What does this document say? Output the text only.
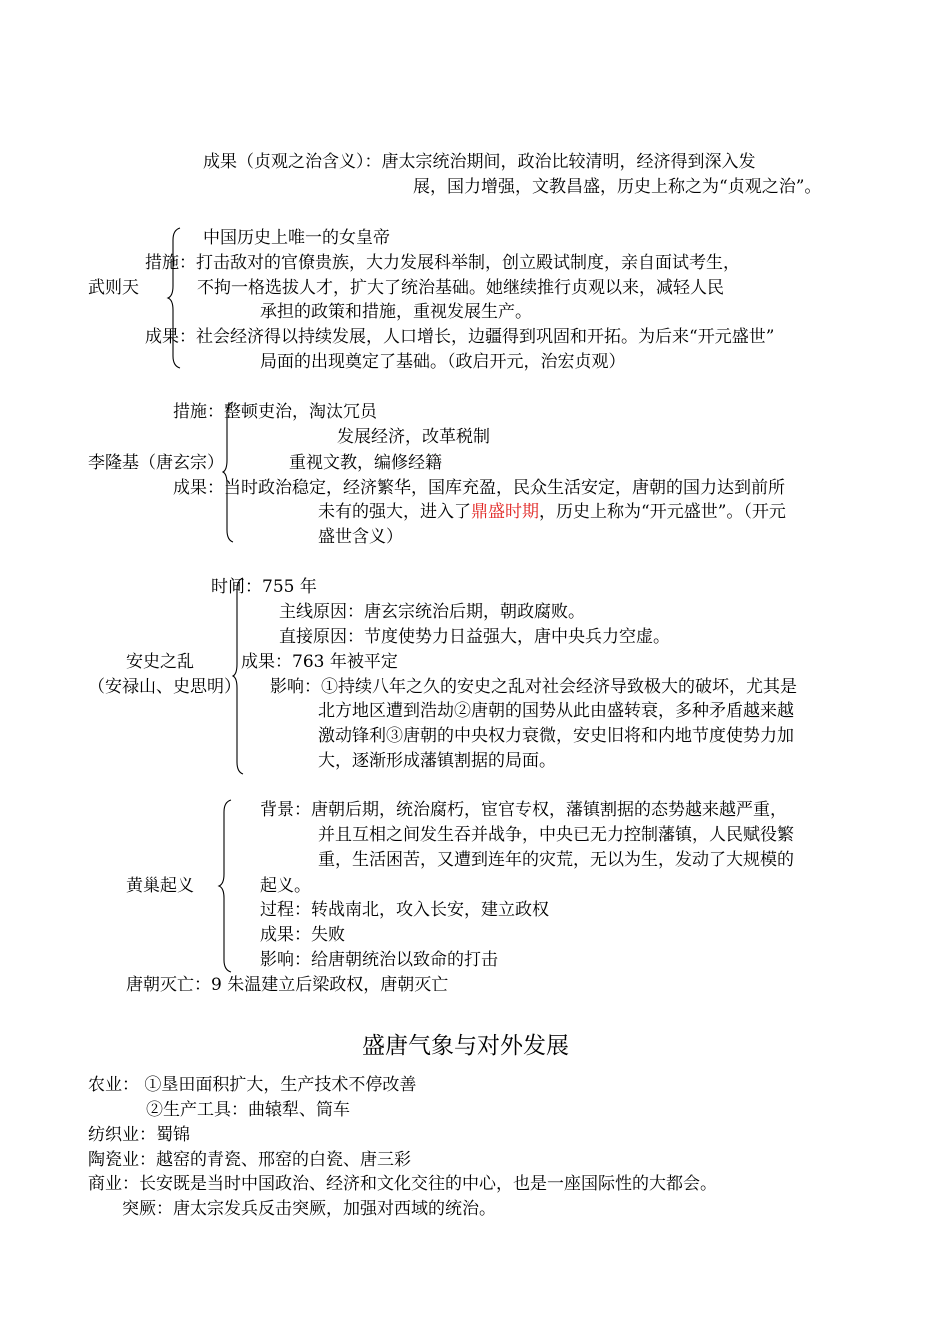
成果（贞观之治含义）：唐太宗统治期间，政治比较清明，经济得到深入发

展，国力增强，文教昌盛，历史上称之为“贞观之治”。

武则天

中国历史上唯一的女皇帝

措施：打击敌对的官僚贵族，大力发展科举制，创立殿试制度，亲自面试考生，

不拘一格选拔人才，扩大了统治基础。她继续推行贞观以来，减轻人民

承担的政策和措施，重视发展生产。

成果：社会经济得以持续发展，人口增长，边疆得到巩固和开拓。为后来“开元盛世”

局面的出现奠定了基础。（政启开元，治宏贞观）

李隆基（唐玄宗）

措施：整顿吏治，淘汰冗员

发展经济，改革税制

重视文教，编修经籍

成果：当时政治稳定，经济繁华，国库充盈，民众生活安定，唐朝的国力达到前所

未有的强大，进入了鼎盛时期，历史上称为“开元盛世”。（开元

盛世含义）

安史之乱

（安禄山、史思明）

时间：755 年

主线原因：唐玄宗统治后期，朝政腐败。

直接原因：节度使势力日益强大，唐中央兵力空虚。

成果：763 年被平定

影响：①持续八年之久的安史之乱对社会经济导致极大的破坏，尤其是

北方地区遭到浩劫②唐朝的国势从此由盛转衰，多种矛盾越来越

激动锋利③唐朝的中央权力衰微，安史旧将和内地节度使势力加

大，逐渐形成藩镇割据的局面。

黄巢起义

背景：唐朝后期，统治腐朽，宦官专权，藩镇割据的态势越来越严重，

并且互相之间发生吞并战争，中央已无力控制藩镇，人民赋役繁

重，生活困苦，又遭到连年的灾荒，无以为生，发动了大规模的

起义。

过程：转战南北，攻入长安，建立政权

成果：失败

影响：给唐朝统治以致命的打击

唐朝灭亡：9 朱温建立后梁政权，唐朝灭亡

盛唐气象与对外发展

农业： ①垦田面积扩大，生产技术不停改善

②生产工具：曲辕犁、筒车

纺织业：蜀锦

陶瓷业：越窑的青瓷、邢窑的白瓷、唐三彩

商业：长安既是当时中国政治、经济和文化交往的中心，也是一座国际性的大都会。

突厥：唐太宗发兵反击突厥，加强对西域的统治。
